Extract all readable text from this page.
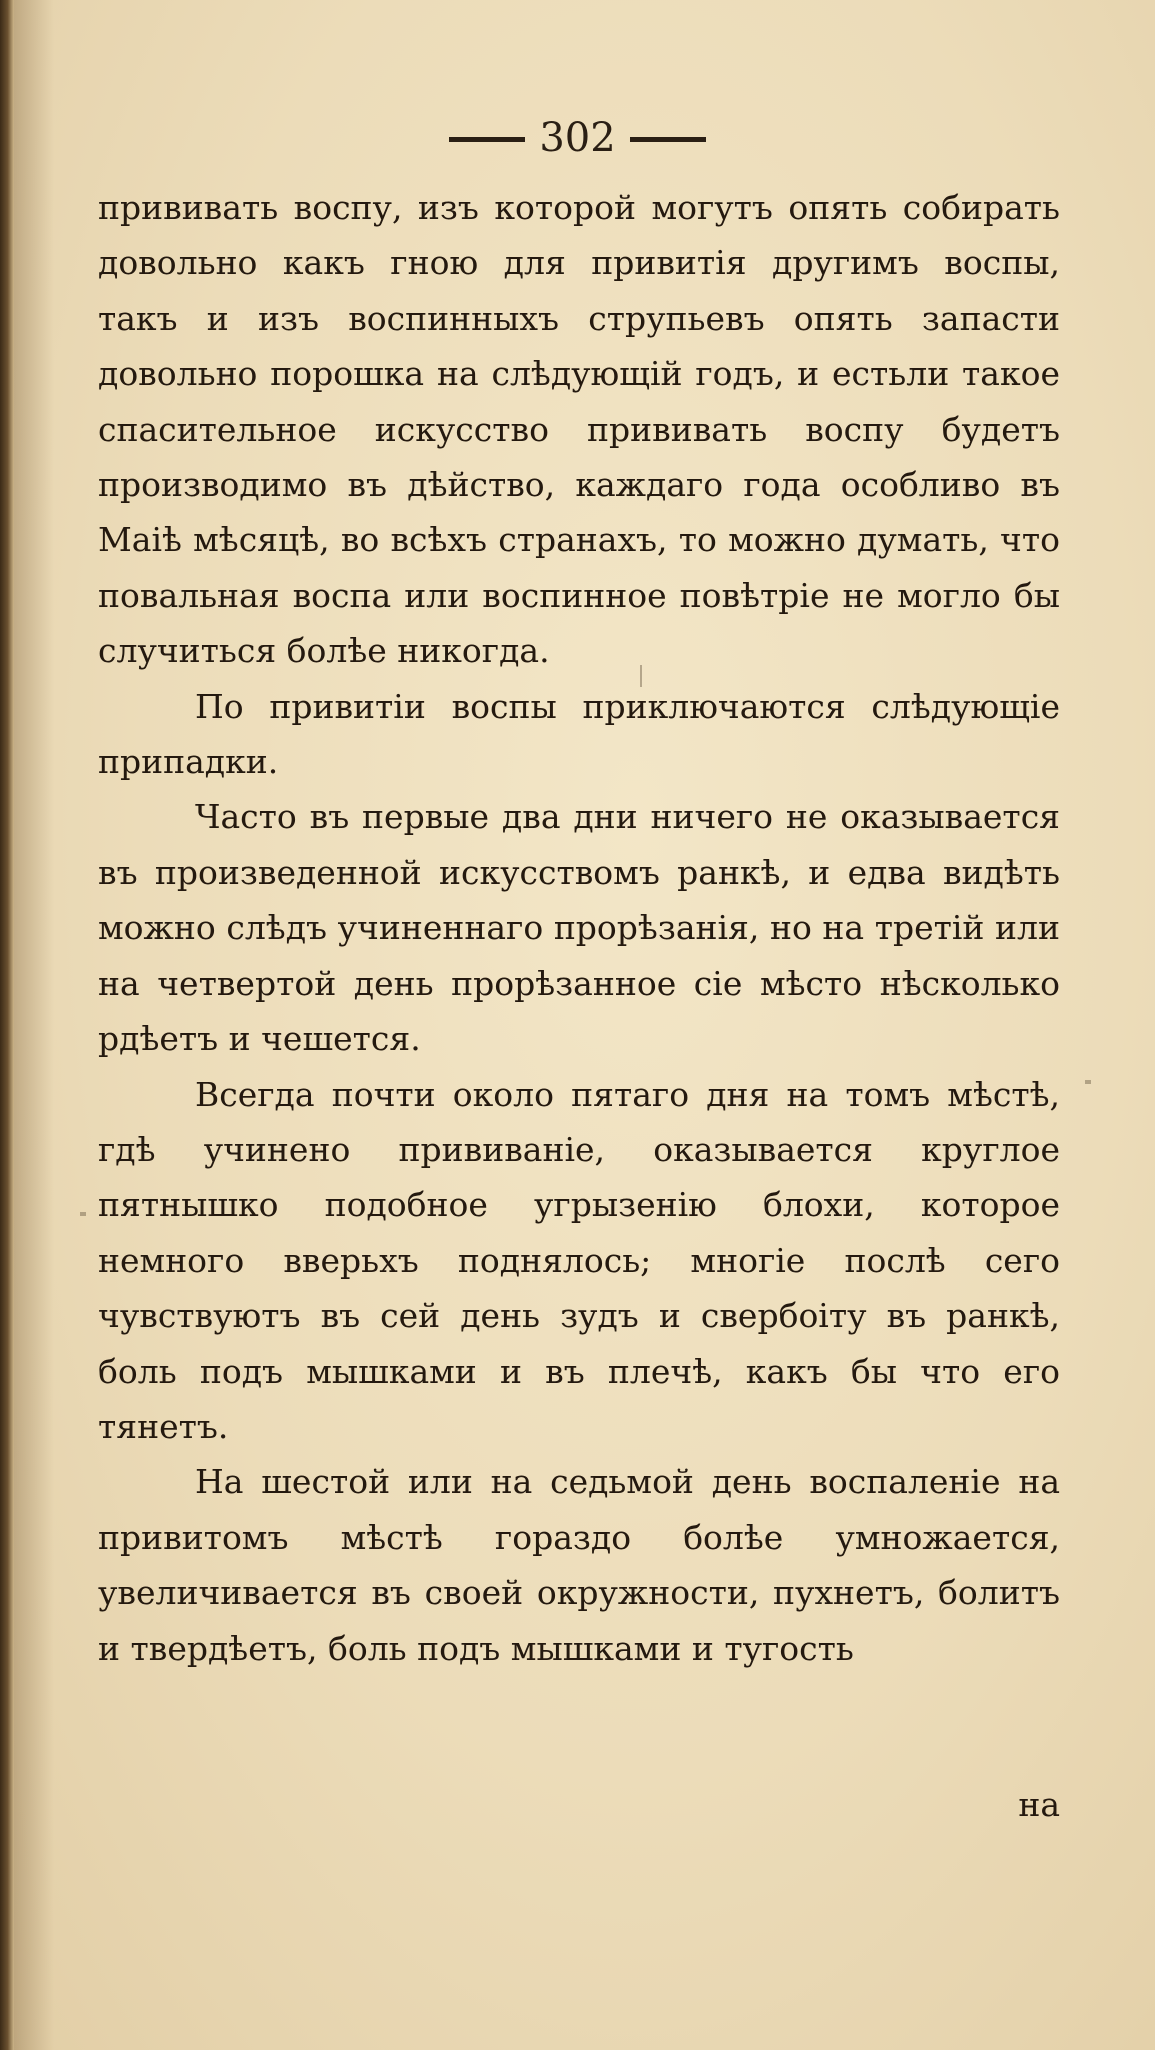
302

прививать воспу, изъ которой могутъ опять собирать довольно какъ гною для привитія другимъ воспы, такъ и изъ воспинныхъ струпьевъ опять запасти довольно порошка на слѣдующій годъ, и естьли такое спасительное искусство прививать воспу будетъ производимо въ дѣйство, каждаго года особливо въ Маіѣ мѣсяцѣ, во всѣхъ странахъ, то можно думать, что повальная воспа или воспинное повѣтріе не могло бы случиться болѣе никогда.

По привитіи воспы приключаются слѣдующіе припадки.

Часто въ первые два дни ничего не оказывается въ произведенной искусствомъ ранкѣ, и едва видѣть можно слѣдъ учиненнаго прорѣзанія, но на третій или на четвертой день прорѣзанное сіе мѣсто нѣсколько рдѣетъ и чешется.

Всегда почти около пятаго дня на томъ мѣстѣ, гдѣ учинено прививаніе, оказывается круглое пятнышко подобное угрызенію блохи, которое немного вверьхъ поднялось; многіе послѣ сего чувствуютъ въ сей день зудъ и свербоiту въ ранкѣ, боль подъ мышками и въ плечѣ, какъ бы что его тянетъ.

На шестой или на седьмой день воспаленіе на привитомъ мѣстѣ гораздо болѣе умножается, увеличивается въ своей окружности, пухнетъ, болитъ и твердѣетъ, боль подъ мышками и тугость

на
